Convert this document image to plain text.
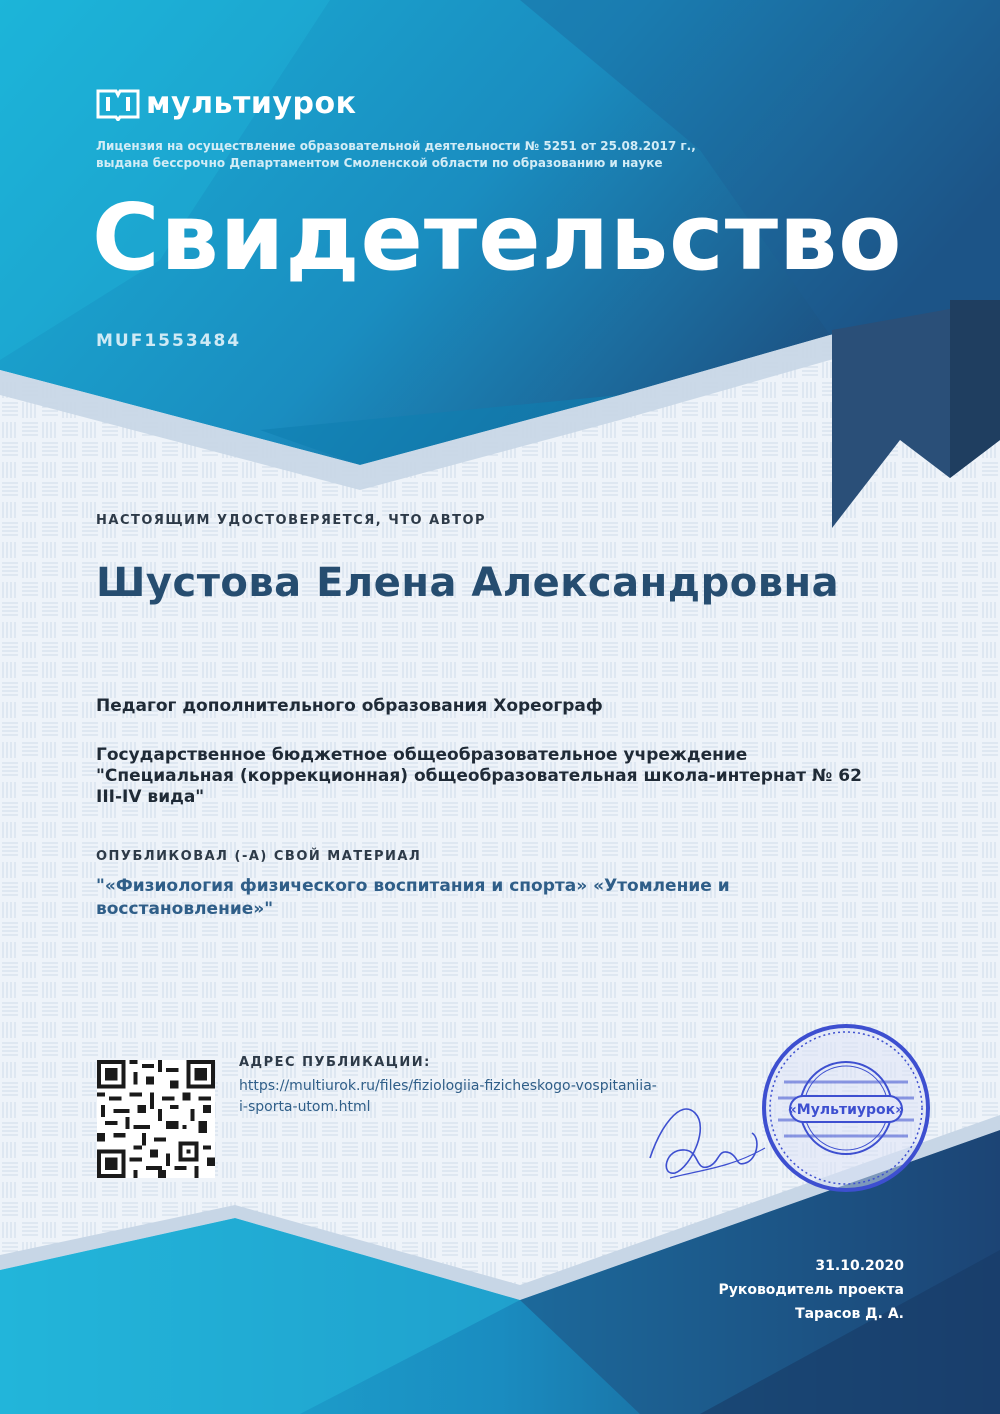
мультиурок
Лицензия на осуществление образовательной деятельности № 5251 от 25.08.2017 г.,
выдана бессрочно Департаментом Смоленской области по образованию и науке
Свидетельство
MUF1553484
НАСТОЯЩИМ УДОСТОВЕРЯЕТСЯ, ЧТО АВТОР
Шустова Елена Александровна
Педагог дополнительного образования Хореограф
Государственное бюджетное общеобразовательное учреждение "Специальная (коррекционная) общеобразовательная школа-интернат № 62 III-IV вида"
ОПУБЛИКОВАЛ (-А) СВОЙ МАТЕРИАЛ
"«Физиология физического воспитания и спорта» «Утомление и восстановление»"
АДРЕС ПУБЛИКАЦИИ:
https://multiurok.ru/files/fiziologiia-fizicheskogo-vospitaniia-i-sporta-utom.html	«Мультиурок»
31.10.2020
Руководитель проекта
Тарасов Д. А.
